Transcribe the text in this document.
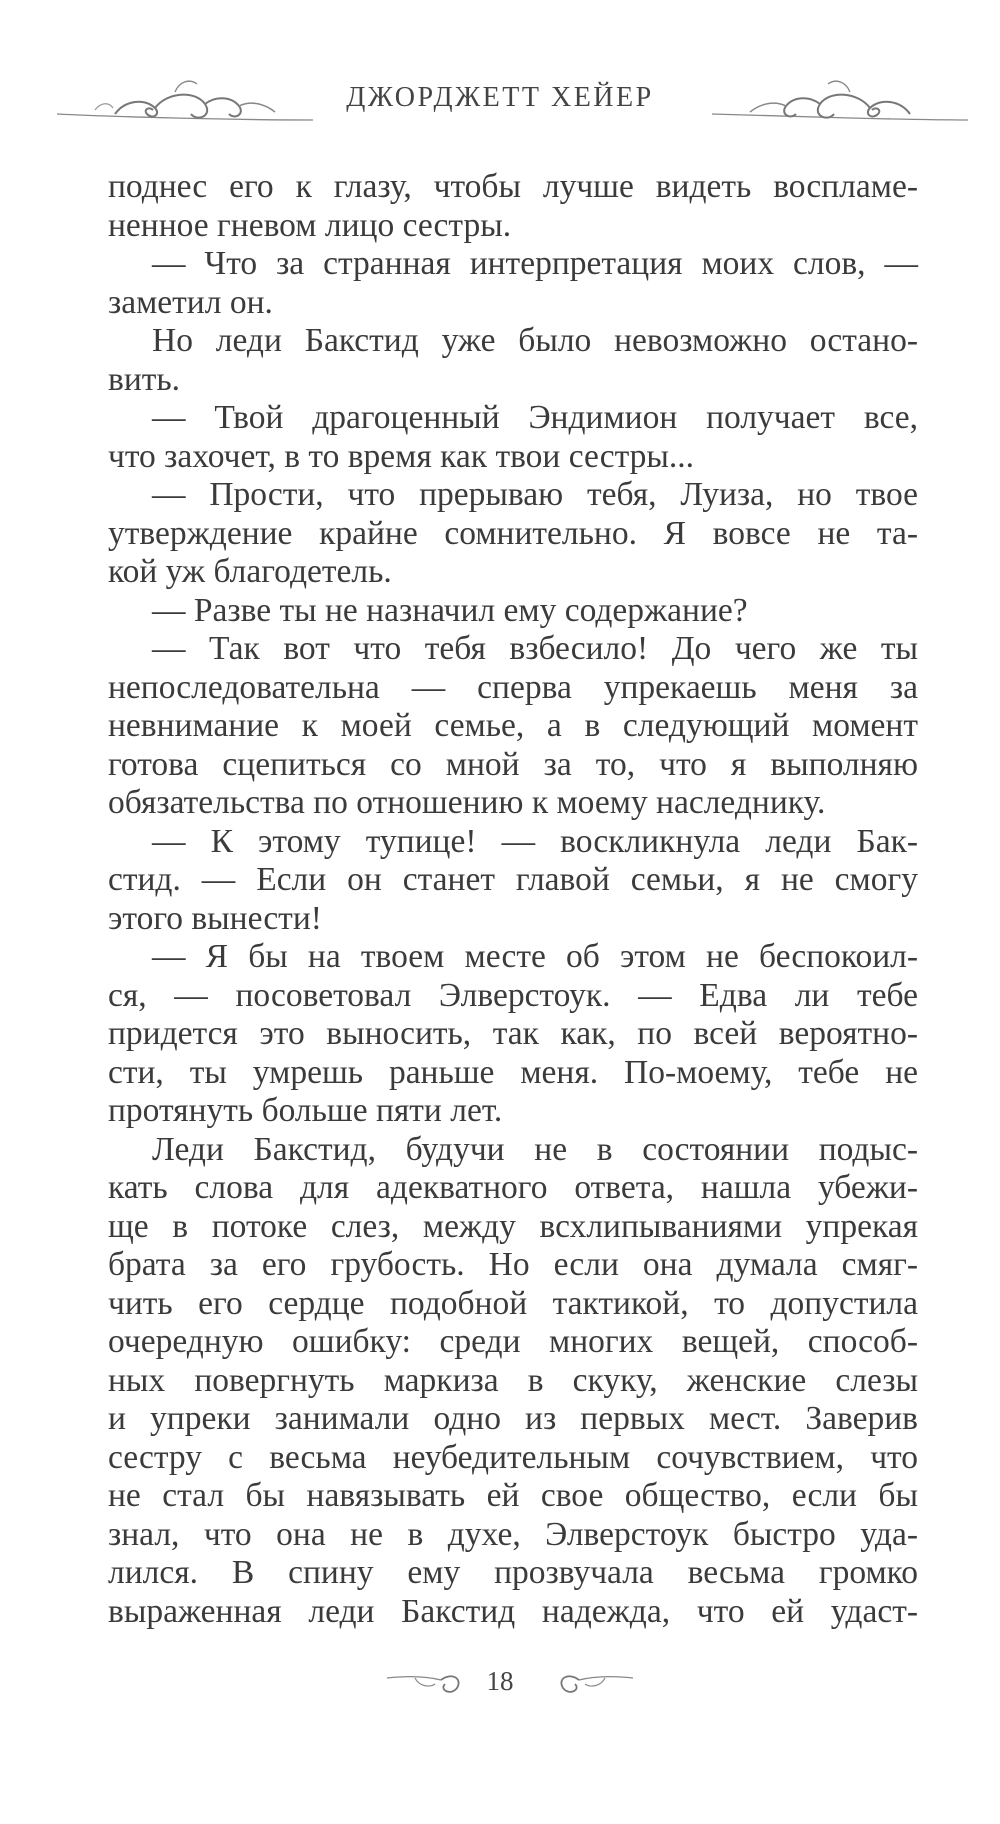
ДЖОРДЖЕТТ ХЕЙЕР
поднес его к глазу, чтобы лучше видеть воспламе-
ненное гневом лицо сестры.
— Что за странная интерпретация моих слов, —
заметил он.
Но леди Бакстид уже было невозможно останo-
вить.
— Твой драгоценный Эндимион получает все,
что захочет, в то время как твои сестры...
— Прости, что прерываю тебя, Луиза, но твое
утверждение крайне сомнительно. Я вовсе не та-
кой уж благодетель.
— Разве ты не назначил ему содержание?
— Так вот что тебя взбесило! До чего же ты
непоследовательна — сперва упрекаешь меня за
невнимание к моей семье, а в следующий момент
готова сцепиться со мной за то, что я выполняю
обязательства по отношению к моему наследнику.
— К этому тупице! — воскликнула леди Бак-
стид. — Если он станет главой семьи, я не смогу
этого вынести!
— Я бы на твоем месте об этом не беспокоил-
ся, — посоветовал Элверстоук. — Едва ли тебе
придется это выносить, так как, по всей вероятно-
сти, ты умрешь раньше меня. По-моему, тебе не
протянуть больше пяти лет.
Леди Бакстид, будучи не в состоянии подыс-
кать слова для адекватного ответа, нашла убежи-
ще в потоке слез, между всхлипываниями упрекая
брата за его грубость. Но если она думала смяг-
чить его сердце подобной тактикой, то допустила
очередную ошибку: среди многих вещей, способ-
ных повергнуть маркиза в скуку, женские слезы
и упреки занимали одно из первых мест. Заверив
сестру с весьма неубедительным сочувствием, что
не стал бы навязывать ей свое общество, если бы
знал, что она не в духе, Элверстоук быстро уда-
лился. В спину ему прозвучала весьма громко
выраженная леди Бакстид надежда, что ей удаст-
18
